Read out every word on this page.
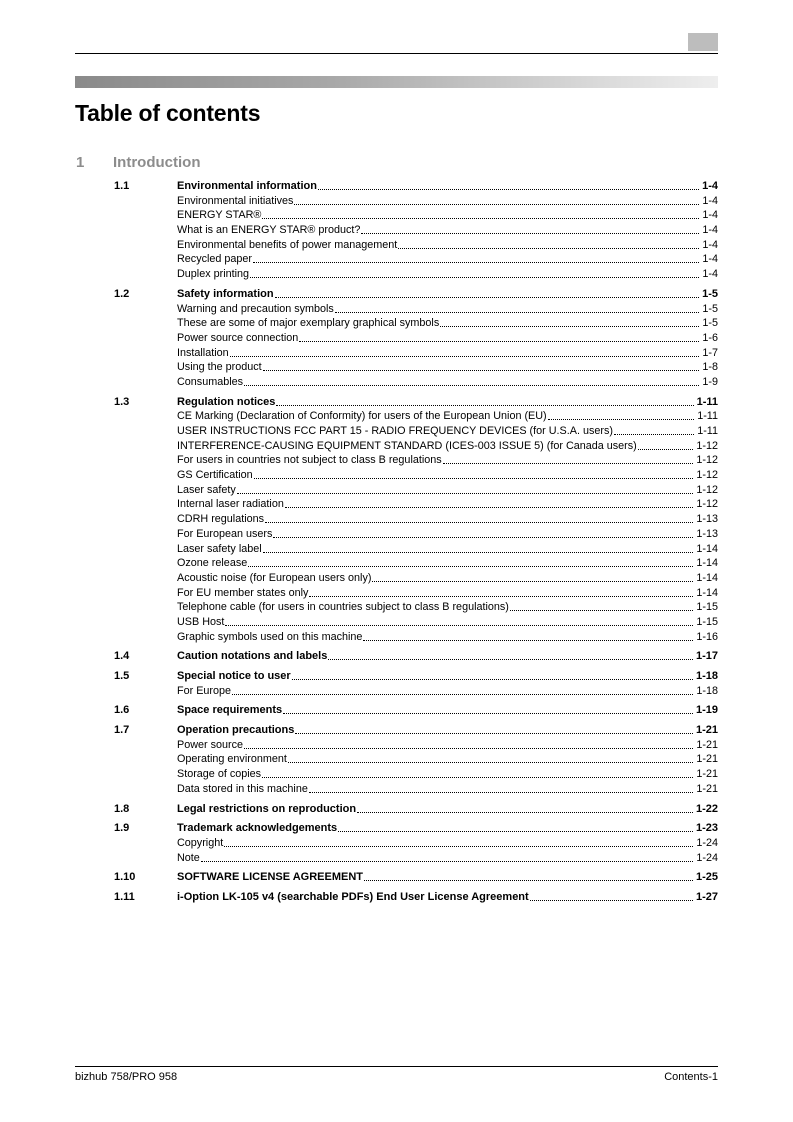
Table of contents
1 Introduction
1.1	Environmental information	1-4
Environmental initiatives	1-4
ENERGY STAR®	1-4
What is an ENERGY STAR® product?	1-4
Environmental benefits of power management	1-4
Recycled paper	1-4
Duplex printing	1-4
1.2	Safety information	1-5
Warning and precaution symbols	1-5
These are some of major exemplary graphical symbols	1-5
Power source connection	1-6
Installation	1-7
Using the product	1-8
Consumables	1-9
1.3	Regulation notices	1-11
CE Marking (Declaration of Conformity) for users of the European Union (EU)	1-11
USER INSTRUCTIONS FCC PART 15 - RADIO FREQUENCY DEVICES (for U.S.A. users)	1-11
INTERFERENCE-CAUSING EQUIPMENT STANDARD (ICES-003 ISSUE 5) (for Canada users)	1-12
For users in countries not subject to class B regulations	1-12
GS Certification	1-12
Laser safety	1-12
Internal laser radiation	1-12
CDRH regulations	1-13
For European users	1-13
Laser safety label	1-14
Ozone release	1-14
Acoustic noise (for European users only)	1-14
For EU member states only	1-14
Telephone cable (for users in countries subject to class B regulations)	1-15
USB Host	1-15
Graphic symbols used on this machine	1-16
1.4	Caution notations and labels	1-17
1.5	Special notice to user	1-18
For Europe	1-18
1.6	Space requirements	1-19
1.7	Operation precautions	1-21
Power source	1-21
Operating environment	1-21
Storage of copies	1-21
Data stored in this machine	1-21
1.8	Legal restrictions on reproduction	1-22
1.9	Trademark acknowledgements	1-23
Copyright	1-24
Note	1-24
1.10	SOFTWARE LICENSE AGREEMENT	1-25
1.11	i-Option LK-105 v4 (searchable PDFs) End User License Agreement	1-27
bizhub 758/PRO 958	Contents-1
